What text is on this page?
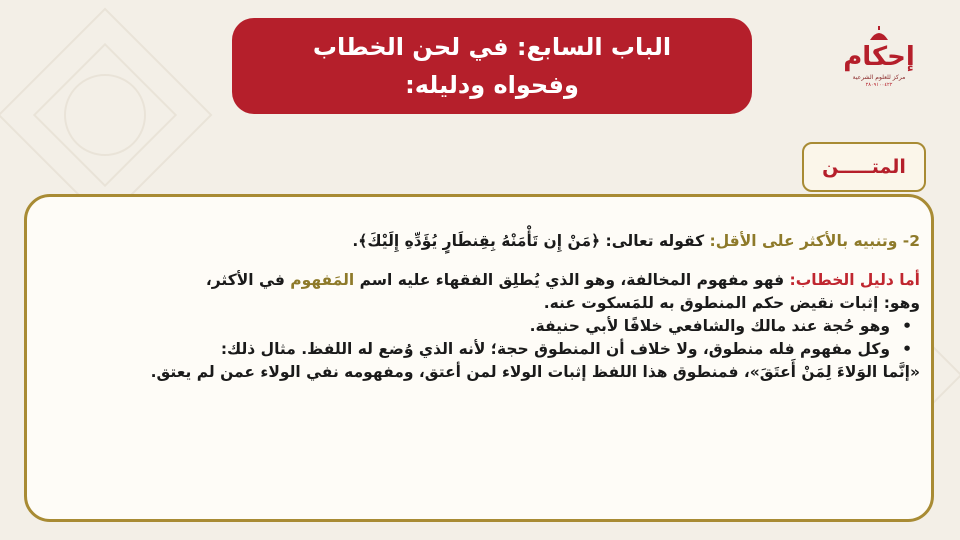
الباب السابع: في لحن الخطاب
وفحواه ودليله:
إحكام
مركز للعلوم الشرعية
٢٨٠٩١٠٠٤٢٢
المتـــــن

2- وتنبيه بالأكثر على الأقل: كقوله تعالى: ﴿مَنْ إِن تَأْمَنْهُ بِقِنطَارٍ يُؤَدِّهِ إِلَيْكَ﴾.

أما دليل الخطاب: فهو مفهوم المخالفة، وهو الذي يُطلِق الفقهاء عليه اسم المَفهوم في الأكثر،

وهو: إثبات نقيض حكم المنطوق به للمَسكوت عنه.

• وهو حُجة عند مالك والشافعي خلافًا لأبي حنيفة.
• وكل مفهوم فله منطوق، ولا خلاف أن المنطوق حجة؛ لأنه الذي وُضع له اللفظ. مثال ذلك:

«إنَّما الوَلاءَ لِمَنْ أَعتَقَ»، فمنطوق هذا اللفظ إثبات الولاء لمن أعتق، ومفهومه نفي الولاء عمن لم يعتق.
